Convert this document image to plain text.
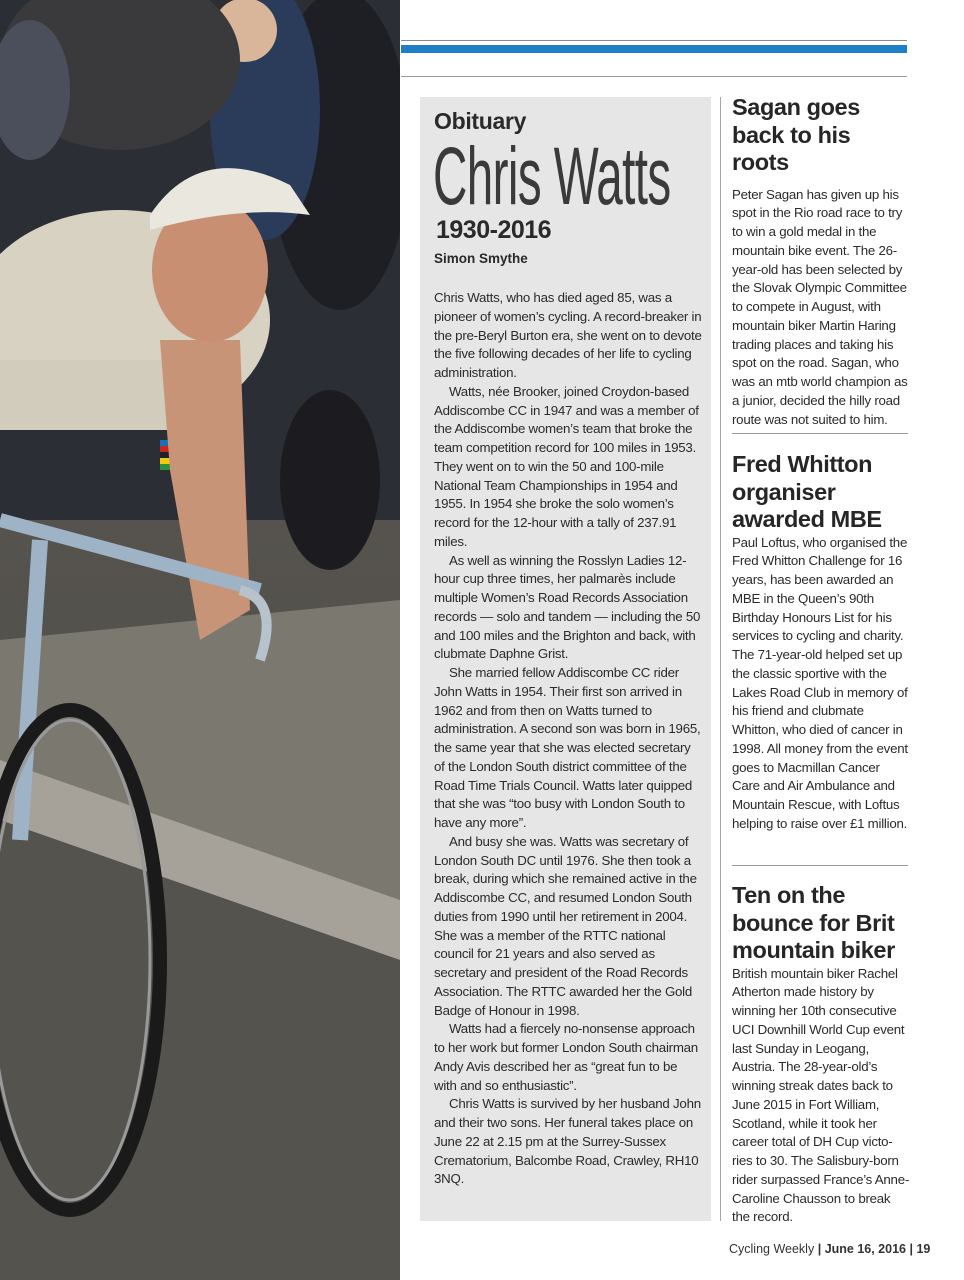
Obituary
Chris Watts
1930-2016
Simon Smythe

Chris Watts, who has died aged 85, was a pioneer of women’s cycling. A record-breaker in the pre-Beryl Burton era, she went on to devote the five following decades of her life to cycling administration.

Watts, née Brooker, joined Croydon-based Addiscombe CC in 1947 and was a member of the Addiscombe women’s team that broke the team competition record for 100 miles in 1953. They went on to win the 50 and 100-mile National Team Championships in 1954 and 1955. In 1954 she broke the solo women’s record for the 12-hour with a tally of 237.91 miles.

As well as winning the Rosslyn Ladies 12-hour cup three times, her palmarès include multiple Women’s Road Records Association records — solo and tandem — including the 50 and 100 miles and the Brighton and back, with clubmate Daphne Grist.

She married fellow Addiscombe CC rider John Watts in 1954. Their first son arrived in 1962 and from then on Watts turned to administration. A second son was born in 1965, the same year that she was elected secretary of the London South district committee of the Road Time Trials Council. Watts later quipped that she was “too busy with London South to have any more”.

And busy she was. Watts was secretary of London South DC until 1976. She then took a break, during which she remained active in the Addiscombe CC, and resumed London South duties from 1990 until her retirement in 2004. She was a member of the RTTC national council for 21 years and also served as secretary and president of the Road Records Association. The RTTC awarded her the Gold Badge of Honour in 1998.

Watts had a fiercely no-nonsense approach to her work but former London South chairman Andy Avis described her as “great fun to be with and so enthusiastic”.

Chris Watts is survived by her husband John and their two sons. Her funeral takes place on June 22 at 2.15 pm at the Surrey-Sussex Crematorium, Balcombe Road, Crawley, RH10 3NQ.

Sagan goes back to his roots
Peter Sagan has given up his spot in the Rio road race to try to win a gold medal in the mountain bike event. The 26-year-old has been selected by the Slovak Olympic Committee to compete in August, with mountain biker Martin Haring trading places and taking his spot on the road. Sagan, who was an mtb world champion as a junior, decided the hilly road route was not suited to him.
Fred Whitton organiser awarded MBE
Paul Loftus, who organised the Fred Whitton Challenge for 16 years, has been awarded an MBE in the Queen’s 90th Birthday Honours List for his services to cycling and charity. The 71-year-old helped set up the classic sportive with the Lakes Road Club in memory of his friend and clubmate Whitton, who died of cancer in 1998. All money from the event goes to Macmillan Cancer Care and Air Ambulance and Mountain Rescue, with Loftus helping to raise over £1 million.
Ten on the bounce for Brit mountain biker
British mountain biker Rachel Atherton made history by winning her 10th consecutive UCI Downhill World Cup event last Sunday in Leogang, Austria. The 28-year-old’s winning streak dates back to June 2015 in Fort William, Scotland, while it took her career total of DH Cup victo-ries to 30. The Salisbury-born rider surpassed France’s Anne-Caroline Chausson to break the record.
Cycling Weekly | June 16, 2016 | 19
